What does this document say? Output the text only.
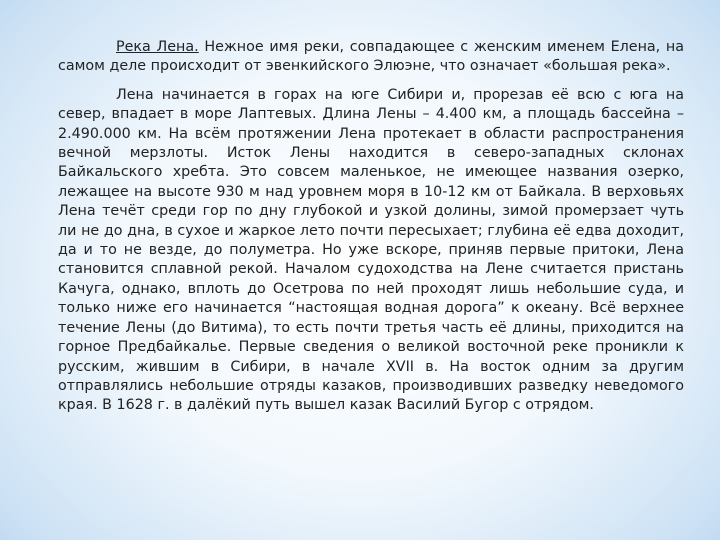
Река Лена. Нежное имя реки, совпадающее с женским именем Елена, на самом деле происходит от эвенкийского Элюэне, что означает «большая река».

Лена начинается в горах на юге Сибири и, прорезав её всю с юга на север, впадает в море Лаптевых. Длина Лены – 4.400 км, а площадь бассейна – 2.490.000 км. На всём протяжении Лена протекает в области распространения вечной мерзлоты. Исток Лены находится в северо-западных склонах Байкальского хребта. Это совсем маленькое, не имеющее названия озерко, лежащее на высоте 930 м над уровнем моря в 10-12 км от Байкала. В верховьях Лена течёт среди гор по дну глубокой и узкой долины, зимой промерзает чуть ли не до дна, в сухое и жаркое лето почти пересыхает; глубина её едва доходит, да и то не везде, до полуметра. Но уже вскоре, приняв первые притоки, Лена становится сплавной рекой. Началом судоходства на Лене считается пристань Качуга, однако, вплоть до Осетрова по ней проходят лишь небольшие суда, и только ниже его начинается “настоящая водная дорога” к океану. Всё верхнее течение Лены (до Витима), то есть почти третья часть её длины, приходится на горное Предбайкалье. Первые сведения о великой восточной реке проникли к русским, жившим в Сибири, в начале XVII в. На восток одним за другим отправлялись небольшие отряды казаков, производивших разведку неведомого края. В 1628 г. в далёкий путь вышел казак Василий Бугор с отрядом.
